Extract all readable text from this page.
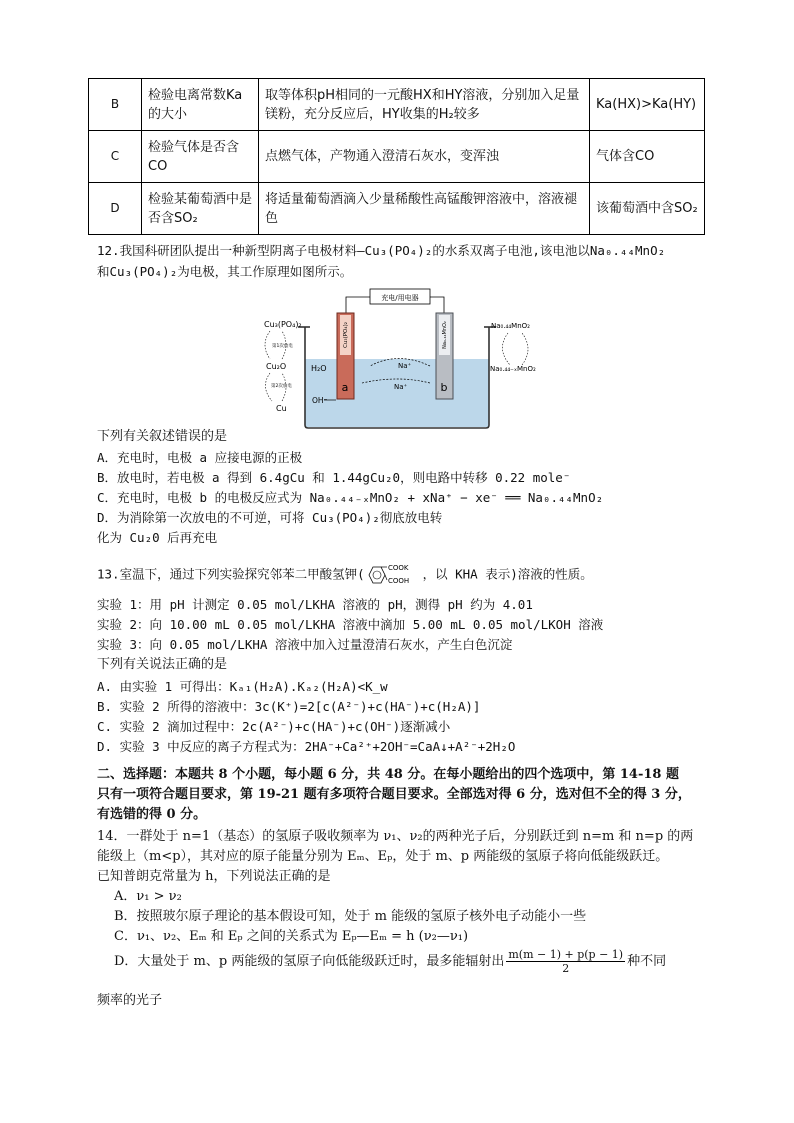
B	检验电离常数Ka的大小	取等体积pH相同的一元酸HX和HY溶液，分别加入足量镁粉，充分反应后，HY收集的H₂较多	Ka(HX)>Ka(HY)
C	检验气体是否含CO	点燃气体，产物通入澄清石灰水，变浑浊	气体含CO
D	检验某葡萄酒中是否含SO₂	将适量葡萄酒滴入少量稀酸性高锰酸钾溶液中，溶液褪色	该葡萄酒中含SO₂
12.我国科研团队提出一种新型阴离子电极材料—Cu₃(PO₄)₂的水系双离子电池,该电池以Na₀.₄₄MnO₂
和Cu₃(PO₄)₂为电极，其工作原理如图所示。
充电/用电器
Cu₃(PO₄)₂
a
Na₀.₄₄MnO₂
b
H₂O
OH⁻
Na⁺
Na⁺
Cu₃(PO₄)₂
第1次放电
Cu₂O
第2次放电
Cu
Na₀.₄₄MnO₂
Na₀.₄₄₋ₓMnO₂
下列有关叙述错误的是
A．充电时，电极 a 应接电源的正极
B．放电时，若电极 a 得到 6.4gCu 和 1.44gCu₂0，则电路中转移 0.22 mole⁻
C．充电时，电极 b 的电极反应式为 Na₀.₄₄₋ₓMnO₂ + xNa⁺ − xe⁻ ══ Na₀.₄₄MnO₂
D．为消除第一次放电的不可逆，可将 Cu₃(PO₄)₂彻底放电转
化为 Cu₂0 后再充电
13.室温下，通过下列实验探究邻苯二甲酸氢钾(	COOK
COOH ，以 KHA 表示)溶液的性质。
实验 1：用 pH 计测定 0.05 mol/LKHA 溶液的 pH，测得 pH 约为 4.01
实验 2：向 10.00 mL 0.05 mol/LKHA 溶液中滴加 5.00 mL 0.05 mol/LKOH 溶液
实验 3：向 0.05 mol/LKHA 溶液中加入过量澄清石灰水，产生白色沉淀
下列有关说法正确的是
A. 由实验 1 可得出：Kₐ₁(H₂A).Kₐ₂(H₂A)<K_w
B. 实验 2 所得的溶液中：3c(K⁺)=2[c(A²⁻)+c(HA⁻)+c(H₂A)]
C. 实验 2 滴加过程中：2c(A²⁻)+c(HA⁻)+c(OH⁻)逐渐减小
D. 实验 3 中反应的离子方程式为：2HA⁻+Ca²⁺+2OH⁻=CaA↓+A²⁻+2H₂O
二、选择题：本题共 8 个小题，每小题 6 分，共 48 分。在每小题给出的四个选项中，第 14-18 题
只有一项符合题目要求，第 19-21 题有多项符合题目要求。全部选对得 6 分，选对但不全的得 3 分，
有选错的得 0 分。
14．一群处于 n=1（基态）的氢原子吸收频率为 ν₁、ν₂的两种光子后，分别跃迁到 n=m 和 n=p 的两
能级上（m<p），其对应的原子能量分别为 Eₘ、Eₚ，处于 m、p 两能级的氢原子将向低能级跃迁。
已知普朗克常量为 h，下列说法正确的是
A．ν₁ > ν₂
B．按照玻尔原子理论的基本假设可知，处于 m 能级的氢原子核外电子动能小一些
C．ν₁、ν₂、Eₘ 和 Eₚ 之间的关系式为 Eₚ—Eₘ = h (ν₂—ν₁)
D．大量处于 m、p 两能级的氢原子向低能级跃迁时，最多能辐射出 $\frac{m(m - 1) + p(p - 1)}{2}$ 种不同
频率的光子
